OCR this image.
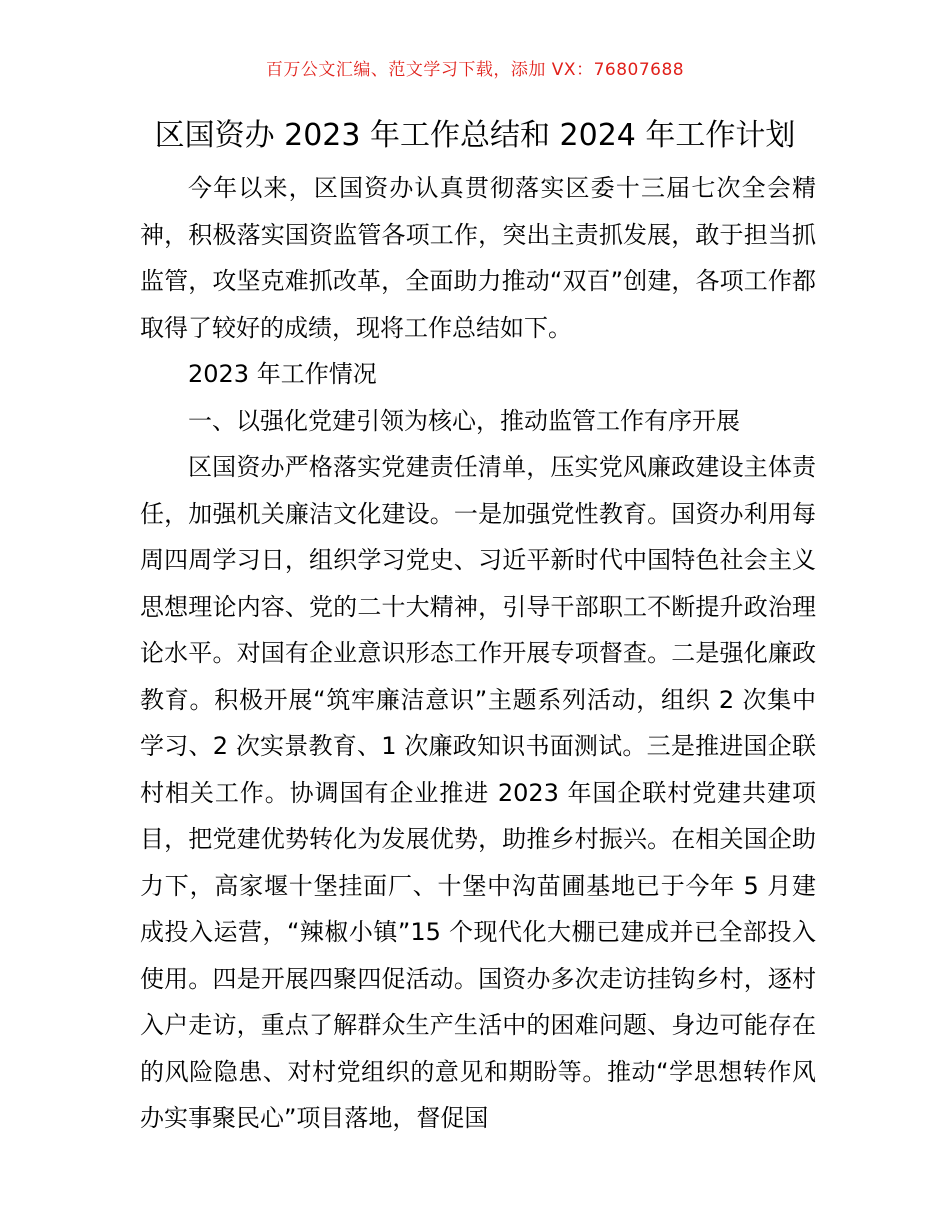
百万公文汇编、范文学习下载，添加 VX：76807688
区国资办 2023 年工作总结和 2024 年工作计划

今年以来，区国资办认真贯彻落实区委十三届七次全会精神，积极落实国资监管各项工作，突出主责抓发展，敢于担当抓监管，攻坚克难抓改革，全面助力推动“双百”创建，各项工作都取得了较好的成绩，现将工作总结如下。

2023 年工作情况

一、以强化党建引领为核心，推动监管工作有序开展

区国资办严格落实党建责任清单，压实党风廉政建设主体责任，加强机关廉洁文化建设。一是加强党性教育。国资办利用每周四周学习日，组织学习党史、习近平新时代中国特色社会主义思想理论内容、党的二十大精神，引导干部职工不断提升政治理论水平。对国有企业意识形态工作开展专项督查。二是强化廉政教育。积极开展“筑牢廉洁意识”主题系列活动，组织 2 次集中学习、2 次实景教育、1 次廉政知识书面测试。三是推进国企联村相关工作。协调国有企业推进 2023 年国企联村党建共建项目，把党建优势转化为发展优势，助推乡村振兴。在相关国企助力下，高家堰十堡挂面厂、十堡中沟苗圃基地已于今年 5 月建成投入运营，“辣椒小镇”15 个现代化大棚已建成并已全部投入使用。四是开展四聚四促活动。国资办多次走访挂钩乡村，逐村入户走访，重点了解群众生产生活中的困难问题、身边可能存在的风险隐患、对村党组织的意见和期盼等。推动“学思想转作风办实事聚民心”项目落地，督促国
